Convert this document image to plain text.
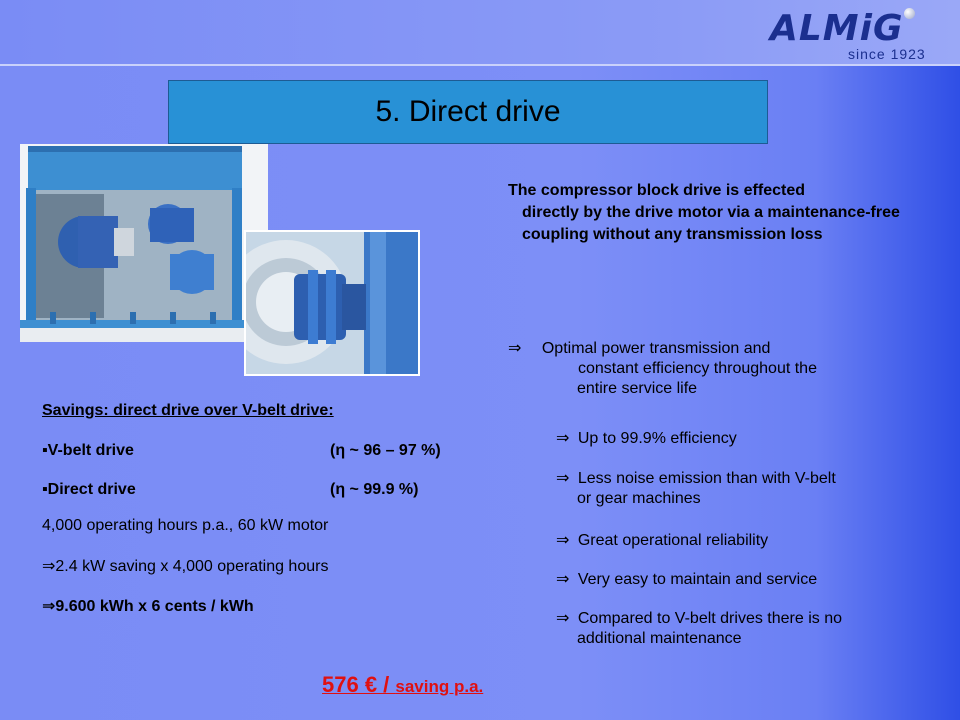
ALMiG
since 1923
5. Direct drive
The compressor block drive is effected
directly by the drive motor via a maintenance-free coupling without any transmission loss
⇒ Optimal power transmission and
constant efficiency throughout the
entire service life
⇒ Up to 99.9% efficiency
⇒ Less noise emission than with V-belt
or gear machines
⇒ Great operational reliability
⇒ Very easy to maintain and service
⇒ Compared to V-belt drives there is no
additional maintenance
Savings: direct drive over V-belt drive:
▪V-belt drive	(η ~ 96 – 97 %)
▪Direct drive	(η ~ 99.9 %)
4,000 operating hours p.a., 60 kW motor
⇒2.4 kW saving x 4,000 operating hours
⇒9.600 kWh x 6 cents / kWh
576 € / saving p.a.
